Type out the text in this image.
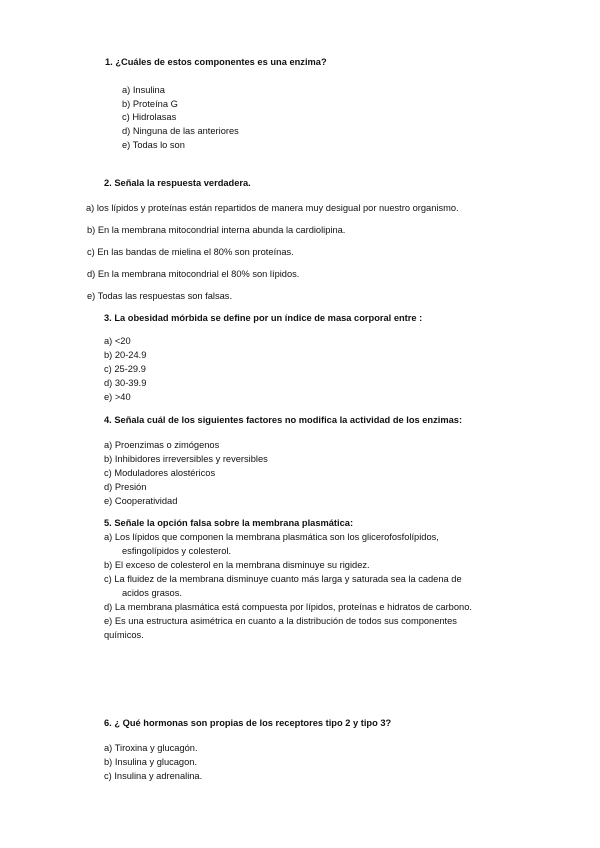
1. ¿Cuáles de estos componentes es una enzima?
a) Insulina
b) Proteína G
c) Hidrolasas
d) Ninguna de las anteriores
e) Todas lo son
2. Señala la respuesta verdadera.
a) los lípidos y proteínas están repartidos de manera muy desigual por nuestro organismo.
b) En la membrana mitocondrial interna abunda la cardiolipina.
c) En las bandas de mielina el 80% son proteínas.
d) En la membrana mitocondrial el 80% son lípidos.
e) Todas las respuestas son falsas.
3. La obesidad mórbida se define por un índice de masa corporal entre :
a) <20
b) 20-24.9
c) 25-29.9
d) 30-39.9
e) >40
4. Señala cuál de los siguientes factores no modifica la actividad de los enzimas:
a) Proenzimas o zimógenos
b) Inhibidores irreversibles y reversibles
c) Moduladores alostéricos
d) Presión
e) Cooperatividad
5. Señale la opción falsa sobre la membrana plasmática:
a) Los lípidos que componen la membrana plasmática son los glicerofosfolípidos,
esfingolípidos y colesterol.
b) El exceso de colesterol en la membrana disminuye su rigidez.
c) La fluidez de la membrana disminuye cuanto más larga y saturada sea la cadena de
acidos grasos.
d) La membrana plasmática está compuesta por lípidos, proteínas e hidratos de carbono.
e) Es una estructura asimétrica en cuanto a la distribución de todos sus componentes
químicos.
6. ¿ Qué hormonas son propias de los receptores tipo 2 y tipo 3?
a) Tiroxina y glucagón.
b) Insulina y glucagon.
c) Insulina y adrenalina.
